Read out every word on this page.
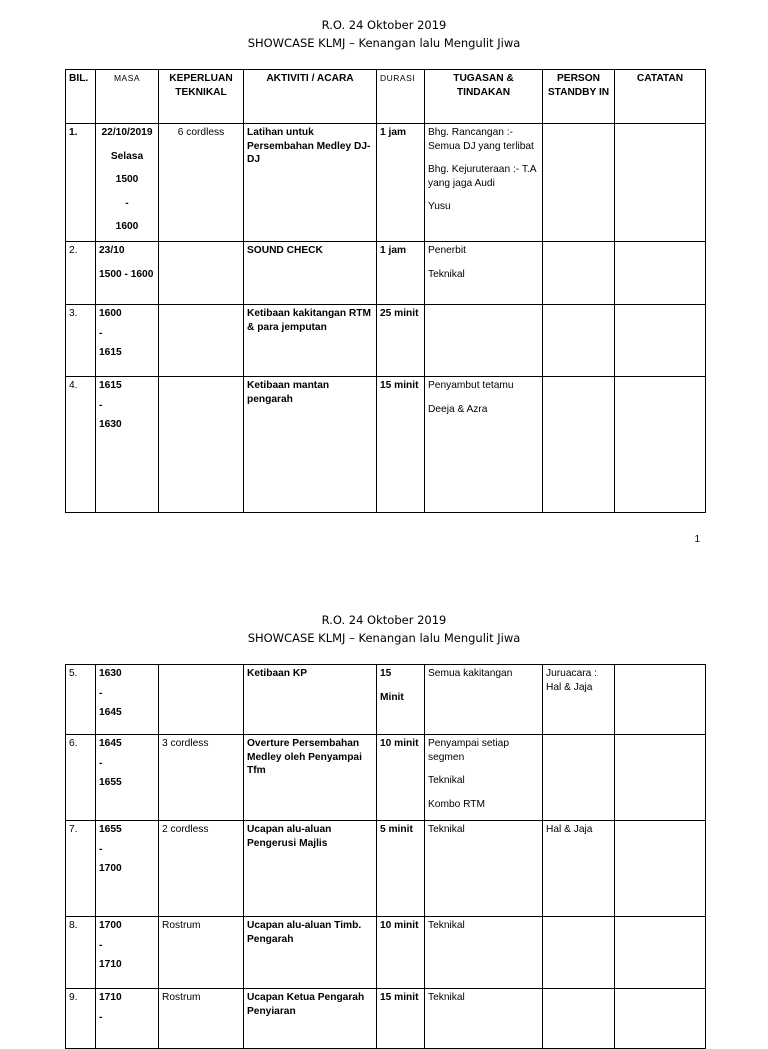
R.O. 24 Oktober 2019
SHOWCASE KLMJ – Kenangan lalu Mengulit Jiwa
BIL.	MASA	KEPERLUAN TEKNIKAL	AKTIVITI / ACARA	DURASI	TUGASAN & TINDAKAN	PERSON STANDBY IN	CATATAN
1.	22/10/2019
Selasa
1500
-
1600	6 cordless	Latihan untuk Persembahan Medley DJ-DJ	1 jam	Bhg. Rancangan :- Semua DJ yang terlibat
Bhg. Kejuruteraan :- T.A yang jaga Audi
Yusu		

2.	23/10
1500 - 1600		SOUND CHECK	1 jam	Penerbit
Teknikal		

3.	1600
-
1615		Ketibaan kakitangan RTM & para jemputan	25 minit			
4.	1615
-
1630		Ketibaan mantan pengarah	15 minit	Penyambut tetamu
Deeja & Azra		

1
R.O. 24 Oktober 2019
SHOWCASE KLMJ – Kenangan lalu Mengulit Jiwa
5.	1630
-
1645		Ketibaan KP	15
Minit	Semua kakitangan	Juruacara : Hal & Jaja	
6.	1645
-
1655	3 cordless	Overture Persembahan Medley oleh Penyampai Tfm	10 minit	Penyampai setiap segmen
Teknikal
Kombo RTM		

7.	1655
-
1700	2 cordless	Ucapan alu-aluan Pengerusi Majlis	5 minit	Teknikal	Hal & Jaja	
8.	1700
-
1710	Rostrum	Ucapan alu-aluan Timb. Pengarah	10 minit	Teknikal		

9.	1710
-	Rostrum	Ucapan Ketua Pengarah Penyiaran	15 minit	Teknikal		
